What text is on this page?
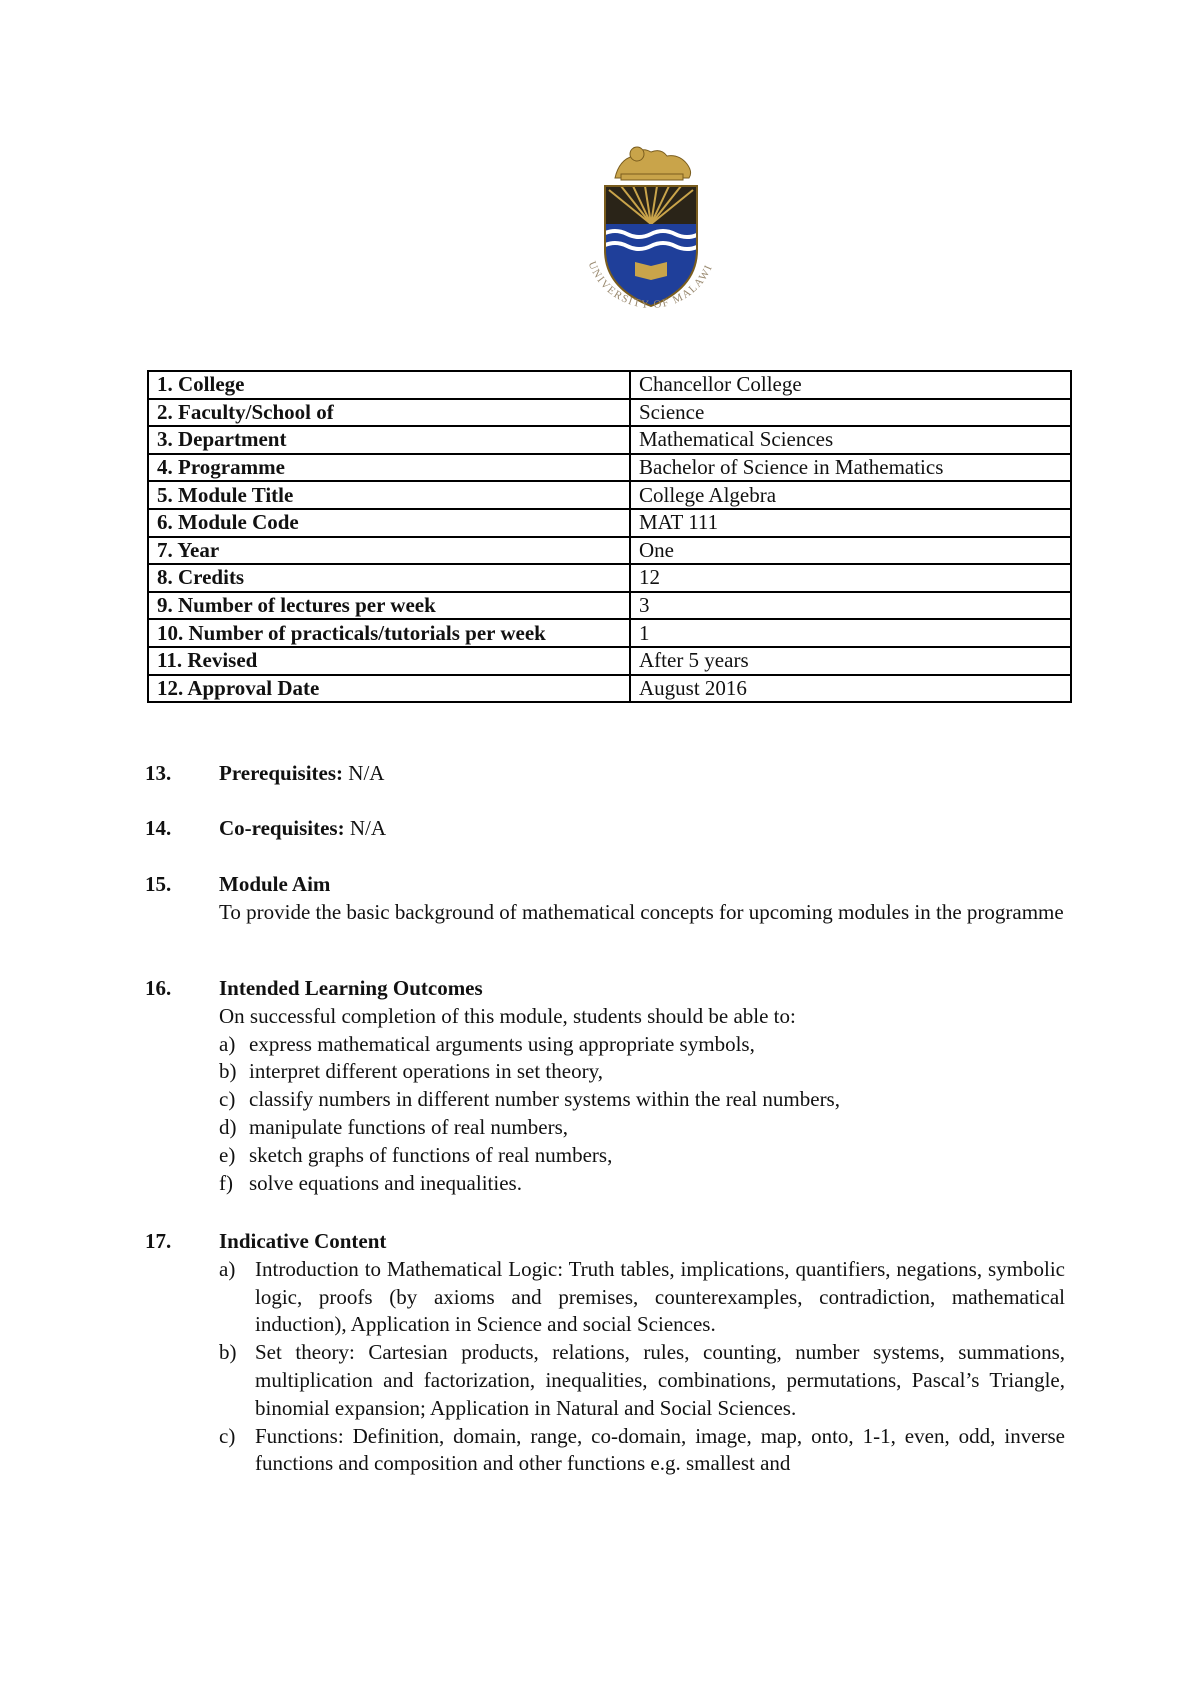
UNIVERSITY OF MALAWI
1. College	Chancellor College
2. Faculty/School of	Science
3. Department	Mathematical Sciences
4. Programme	Bachelor of Science in Mathematics
5. Module Title	College Algebra
6. Module Code	MAT 111
7. Year	One
8. Credits	12
9. Number of lectures per week	3
10. Number of practicals/tutorials per week	1
11. Revised	After 5 years
12. Approval Date	August 2016
13. Prerequisites: N/A
14. Co-requisites: N/A
15. Module Aim
To provide the basic background of mathematical concepts for upcoming modules in the programme
16. Intended Learning Outcomes
On successful completion of this module, students should be able to:
a) express mathematical arguments using appropriate symbols,
b) interpret different operations in set theory,
c) classify numbers in different number systems within the real numbers,
d) manipulate functions of real numbers,
e) sketch graphs of functions of real numbers,
f) solve equations and inequalities.
17. Indicative Content
a) Introduction to Mathematical Logic: Truth tables, implications, quantifiers, negations, symbolic logic, proofs (by axioms and premises, counterexamples, contradiction, mathematical induction), Application in Science and social Sciences.
b) Set theory: Cartesian products, relations, rules, counting, number systems, summations, multiplication and factorization, inequalities, combinations, permutations, Pascal’s Triangle, binomial expansion; Application in Natural and Social Sciences.
c) Functions: Definition, domain, range, co-domain, image, map, onto, 1-1, even, odd, inverse functions and composition and other functions e.g. smallest and
